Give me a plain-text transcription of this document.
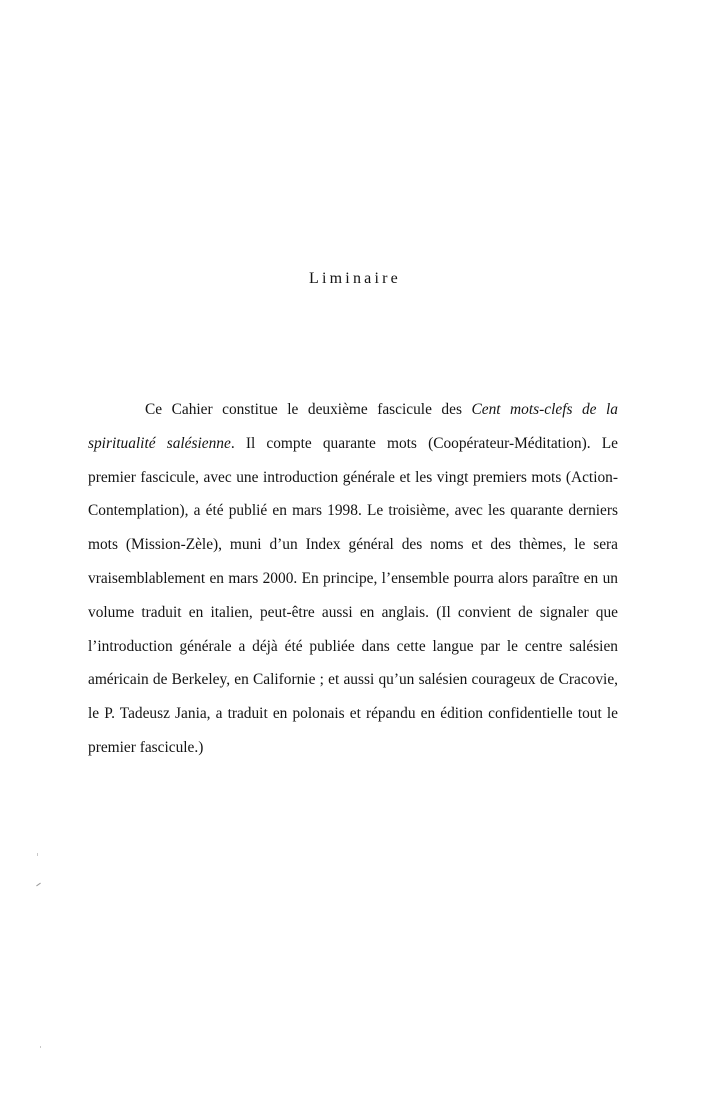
Liminaire

Ce Cahier constitue le deuxième fascicule des Cent mots-clefs de la spiritualité salésienne. Il compte quarante mots (Coopérateur-Méditation). Le premier fascicule, avec une introduction générale et les vingt premiers mots (Action-Contemplation), a été publié en mars 1998. Le troisième, avec les quarante derniers mots (Mission-Zèle), muni d’un Index général des noms et des thèmes, le sera vraisemblablement en mars 2000. En principe, l’ensemble pourra alors paraître en un volume traduit en italien, peut-être aussi en anglais. (Il convient de signaler que l’introduction générale a déjà été publiée dans cette langue par le centre salésien américain de Berkeley, en Californie ; et aussi qu’un salésien courageux de Cracovie, le P. Tadeusz Jania, a traduit en polonais et répandu en édition confidentielle tout le premier fascicule.)
